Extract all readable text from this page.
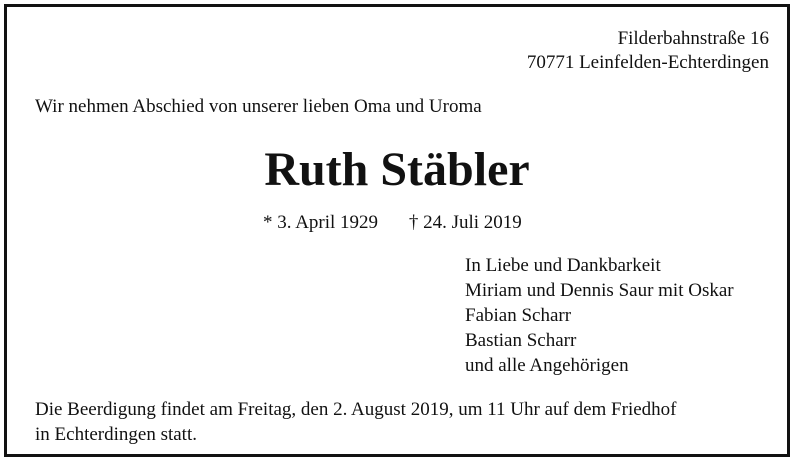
Filderbahnstraße 16
70771 Leinfelden-Echterdingen
Wir nehmen Abschied von unserer lieben Oma und Uroma
Ruth Stäbler
* 3. April 1929 † 24. Juli 2019
In Liebe und Dankbarkeit
Miriam und Dennis Saur mit Oskar
Fabian Scharr
Bastian Scharr
und alle Angehörigen
Die Beerdigung findet am Freitag, den 2. August 2019, um 11 Uhr auf dem Friedhof
in Echterdingen statt.
